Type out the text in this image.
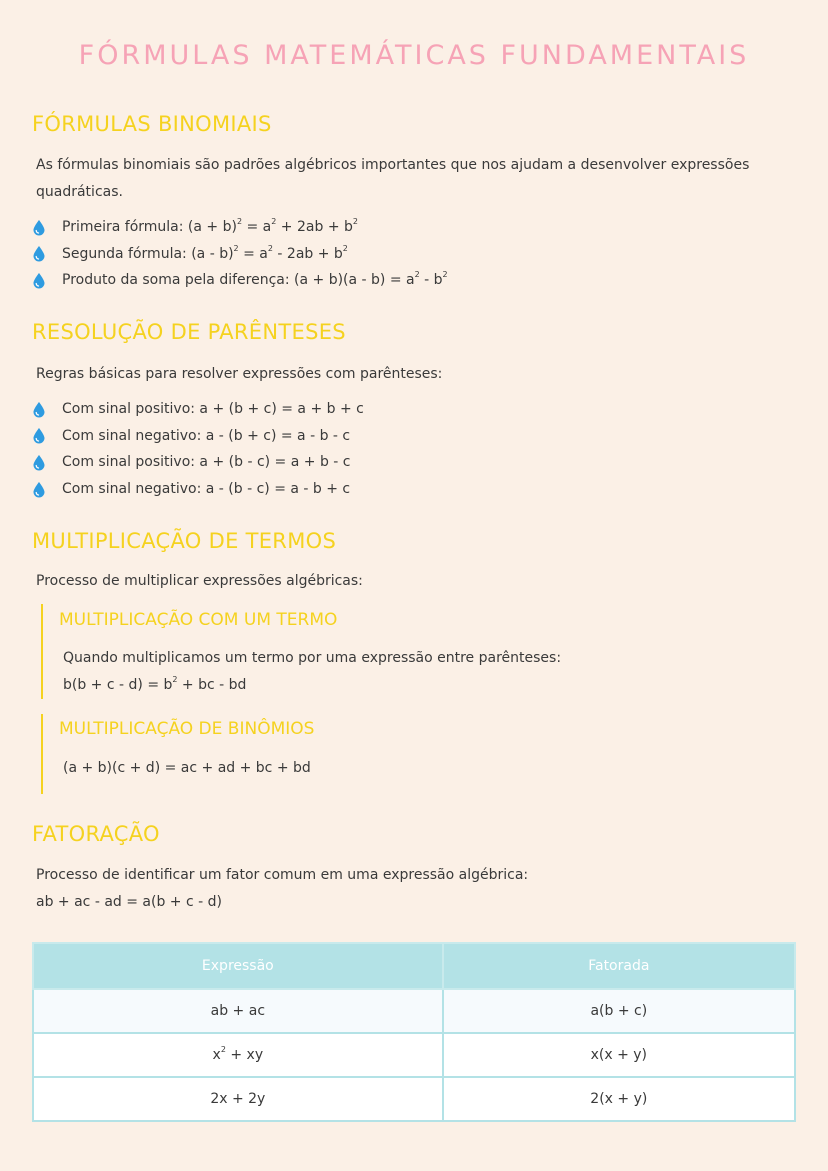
FÓRMULAS MATEMÁTICAS FUNDAMENTAIS
FÓRMULAS BINOMIAIS
As fórmulas binomiais são padrões algébricos importantes que nos ajudam a desenvolver expressões
quadráticas.
Primeira fórmula: $(a + b)^2 = a^2 + 2ab + b^2$
Segunda fórmula: $(a - b)^2 = a^2 - 2ab + b^2$
Produto da soma pela diferença: $(a + b)(a - b) = a^2 - b^2$
RESOLUÇÃO DE PARÊNTESES
Regras básicas para resolver expressões com parênteses:
Com sinal positivo: a + (b + c) = a + b + c
Com sinal negativo: a - (b + c) = a - b - c
Com sinal positivo: a + (b - c) = a + b - c
Com sinal negativo: a - (b - c) = a - b + c
MULTIPLICAÇÃO DE TERMOS
Processo de multiplicar expressões algébricas:
MULTIPLICAÇÃO COM UM TERMO
Quando multiplicamos um termo por uma expressão entre parênteses:
$b(b + c - d) = b^2$ + bc - bd
MULTIPLICAÇÃO DE BINÔMIOS
(a + b)(c + d) = ac + ad + bc + bd
FATORAÇÃO
Processo de identificar um fator comum em uma expressão algébrica:
ab + ac - ad = a(b + c - d)
Expressão	Fatorada
ab + ac	a(b + c)
$x^2$ + xy	x(x + y)
2x + 2y	2(x + y)
